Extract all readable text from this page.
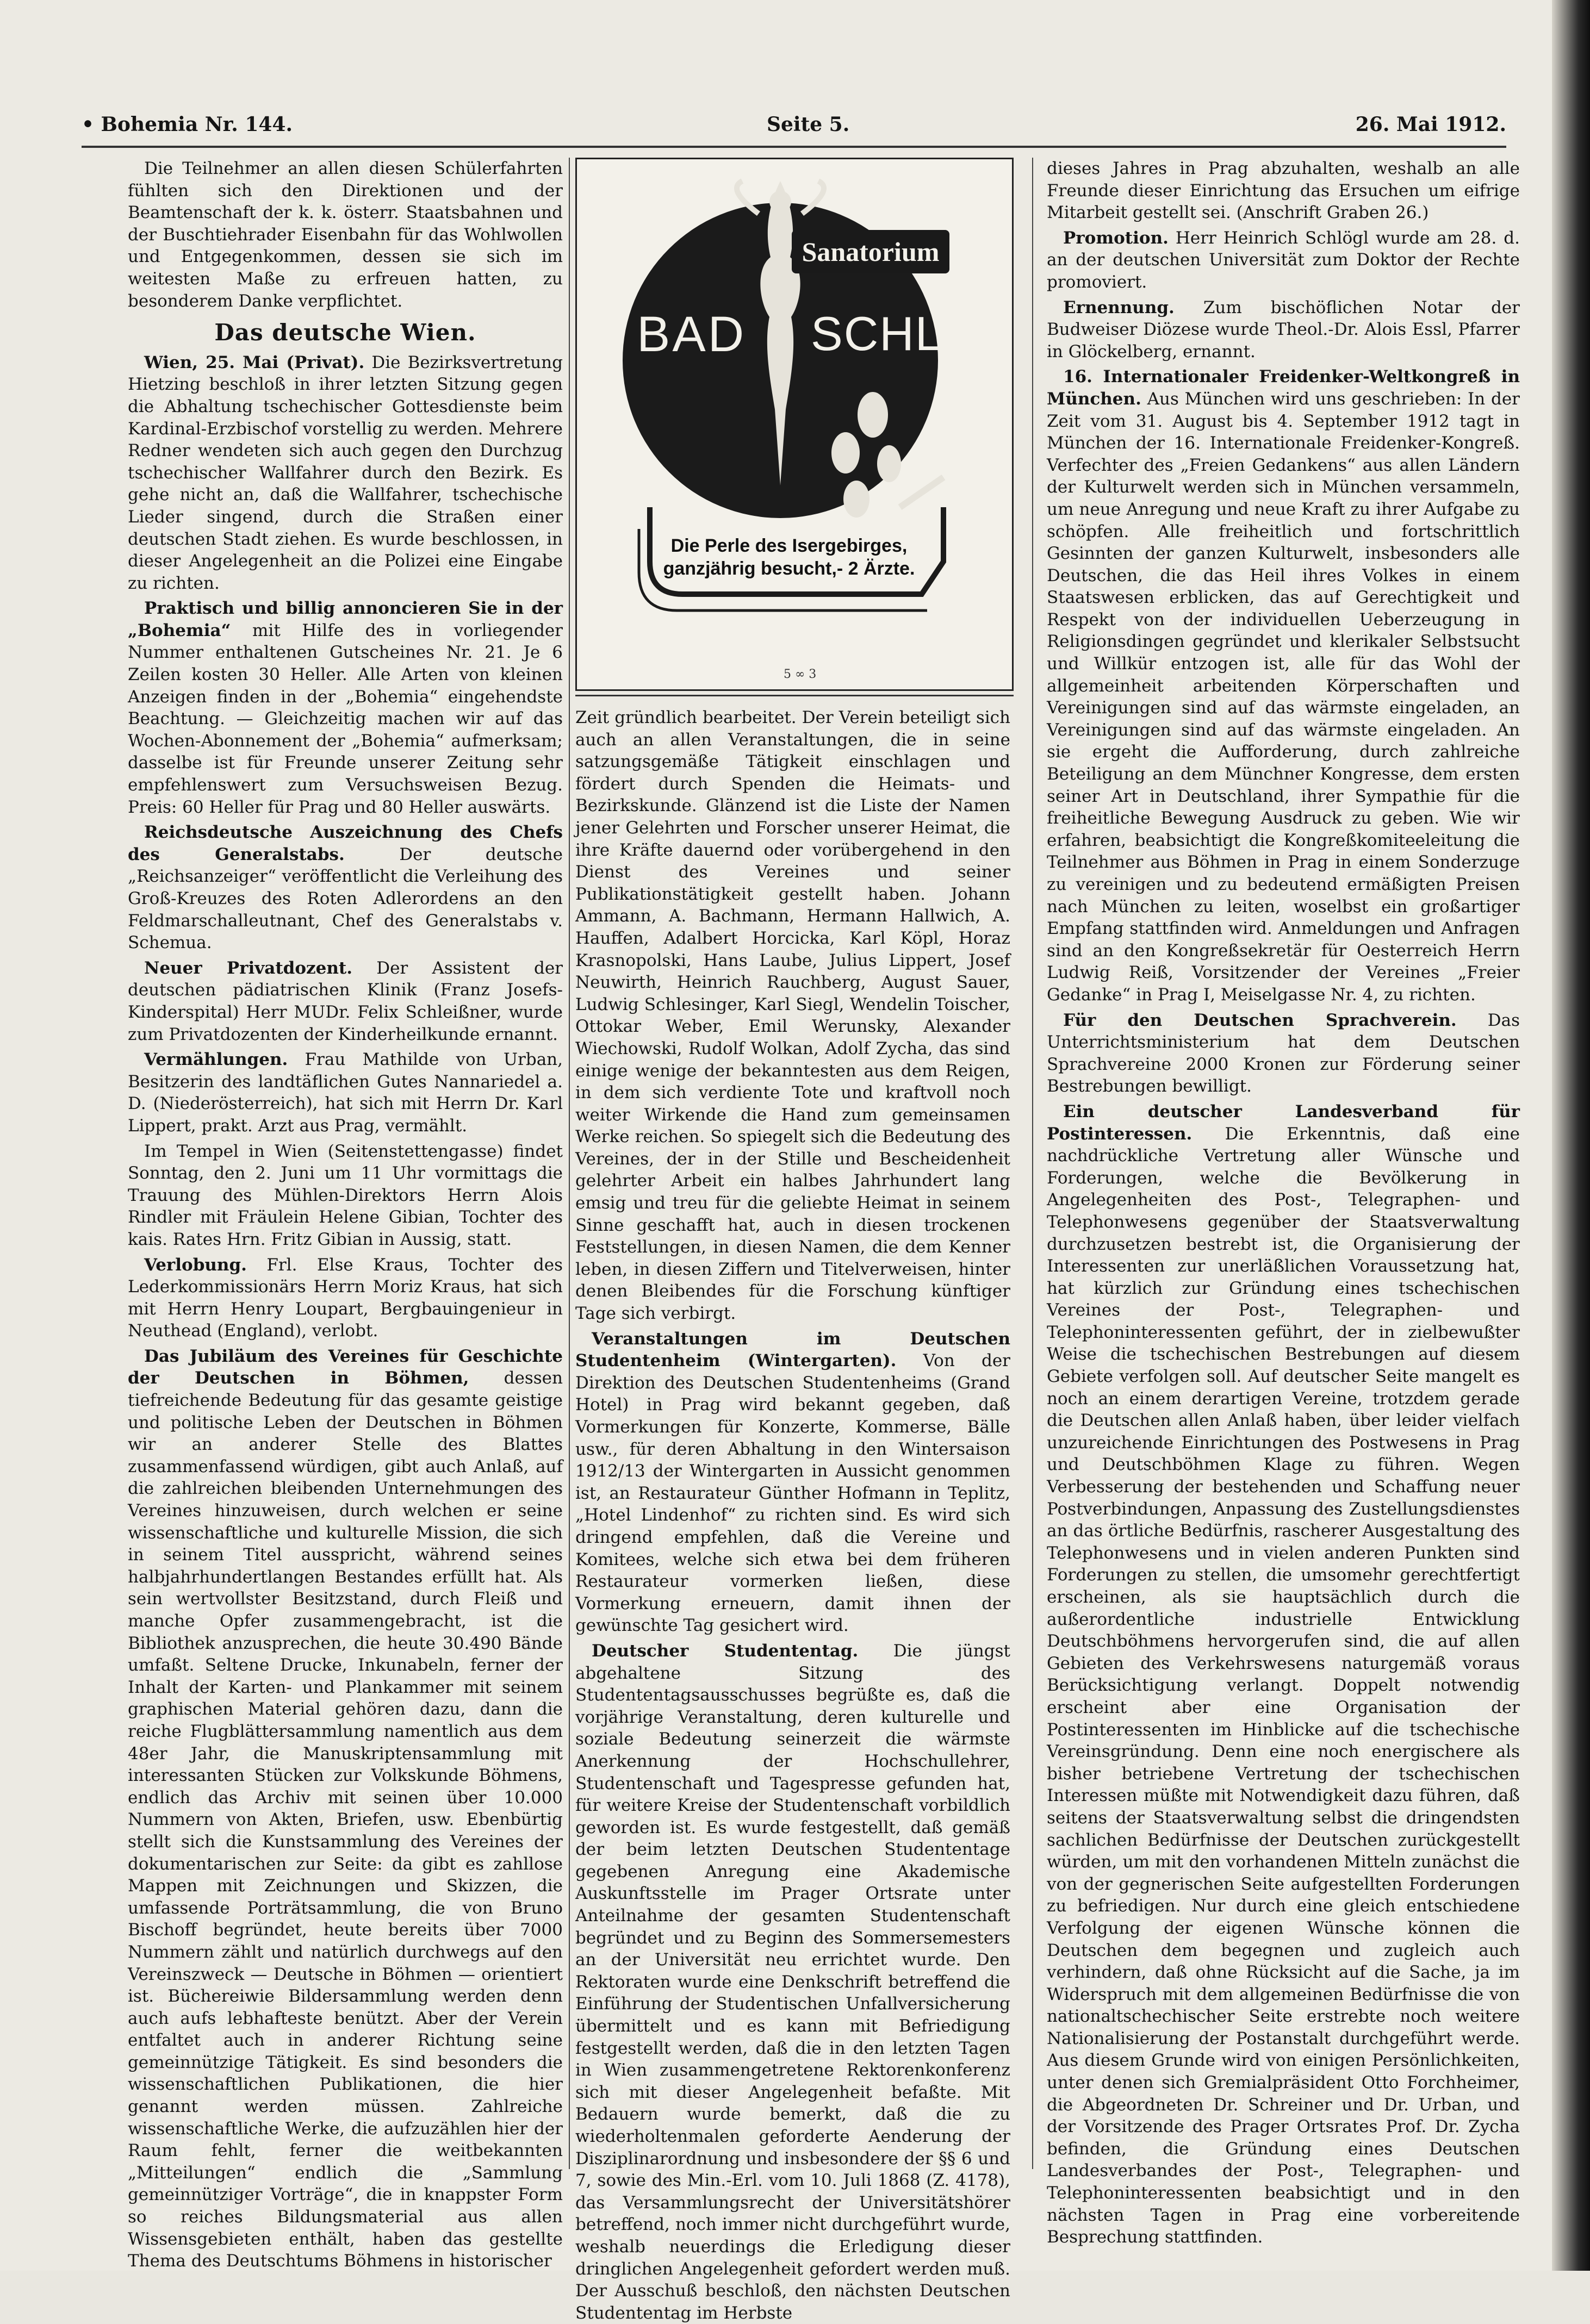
• Bohemia Nr. 144.	Seite 5.	26. Mai 1912.

Die Teilnehmer an allen diesen Schülerfahrten fühlten sich den Direktionen und der Beamtenschaft der k. k. österr. Staatsbahnen und der Buschtiehrader Eisenbahn für das Wohlwollen und Entgegenkommen, dessen sie sich im weitesten Maße zu erfreuen hatten, zu besonderem Danke verpflichtet.

Das deutsche Wien.

Wien, 25. Mai (Privat). Die Bezirksvertretung Hietzing beschloß in ihrer letzten Sitzung gegen die Abhaltung tschechischer Gottesdienste beim Kardinal-Erzbischof vorstellig zu werden. Mehrere Redner wendeten sich auch gegen den Durchzug tschechischer Wallfahrer durch den Bezirk. Es gehe nicht an, daß die Wallfahrer, tschechische Lieder singend, durch die Straßen einer deutschen Stadt ziehen. Es wurde beschlossen, in dieser Angelegenheit an die Polizei eine Eingabe zu richten.

Praktisch und billig annoncieren Sie in der „Bohemia“ mit Hilfe des in vorliegender Nummer enthaltenen Gutscheines Nr. 21. Je 6 Zeilen kosten 30 Heller. Alle Arten von kleinen Anzeigen finden in der „Bohemia“ eingehendste Beachtung. — Gleichzeitig machen wir auf das Wochen-Abonnement der „Bohemia“ aufmerksam; dasselbe ist für Freunde unserer Zeitung sehr empfehlenswert zum Versuchsweisen Bezug. Preis: 60 Heller für Prag und 80 Heller auswärts.

Reichsdeutsche Auszeichnung des Chefs des Generalstabs.	Der deutsche „Reichsanzeiger“ veröffentlicht die Verleihung des Groß-Kreuzes des Roten Adlerordens an den Feldmarschalleutnant, Chef des Generalstabs v. Schemua.

Neuer Privatdozent. Der Assistent der deutschen pädiatrischen Klinik (Franz Josefs-Kinderspital) Herr MUDr. Felix Schleißner, wurde zum Privatdozenten der Kinderheilkunde ernannt.

Vermählungen. Frau Mathilde von Urban, Besitzerin des landtäflichen Gutes Nannariedel a. D. (Niederösterreich), hat sich mit Herrn Dr. Karl Lippert, prakt. Arzt aus Prag, vermählt.

Im Tempel in Wien (Seitenstettengasse) findet Sonntag, den 2. Juni um 11 Uhr vormittags die Trauung des Mühlen-Direktors Herrn Alois Rindler mit Fräulein Helene Gibian, Tochter des kais. Rates Hrn. Fritz Gibian in Aussig, statt.

Verlobung. Frl. Else Kraus, Tochter des Lederkommissionärs Herrn Moriz Kraus, hat sich mit Herrn Henry Loupart, Bergbauingenieur in Neuthead (England), verlobt.

Das Jubiläum des Vereines für Geschichte der Deutschen in Böhmen, dessen tiefreichende Bedeutung für das gesamte geistige und politische Leben der Deutschen in Böhmen wir an anderer Stelle des Blattes zusammenfassend würdigen, gibt auch Anlaß, auf die zahlreichen bleibenden Unternehmungen des Vereines hinzuweisen, durch welchen er seine wissenschaftliche und kulturelle Mission, die sich in seinem Titel ausspricht, während seines halbjahrhundertlangen Bestandes erfüllt hat. Als sein wertvollster Besitzstand, durch Fleiß und manche Opfer zusammengebracht, ist die Bibliothek anzusprechen, die heute 30.490 Bände umfaßt. Seltene Drucke, Inkunabeln, ferner der Inhalt der Karten- und Plankammer mit seinem graphischen Material gehören dazu, dann die reiche Flugblättersammlung namentlich aus dem 48er Jahr, die Manuskriptensammlung mit interessanten Stücken zur Volkskunde Böhmens, endlich das Archiv mit seinen über 10.000 Nummern von Akten, Briefen, usw. Ebenbürtig stellt sich die Kunstsammlung des Vereines der dokumentarischen zur Seite: da gibt es zahllose Mappen mit Zeichnungen und Skizzen, die umfassende Porträtsammlung, die von Bruno Bischoff begründet, heute bereits über 7000 Nummern zählt und natürlich durchwegs auf den Vereinszweck — Deutsche in Böhmen — orientiert ist. Büchereiwie Bildersammlung werden denn auch aufs lebhafteste benützt. Aber der Verein entfaltet auch in anderer Richtung seine gemeinnützige Tätigkeit. Es sind besonders die wissenschaftlichen Publikationen, die hier genannt werden müssen. Zahlreiche wissenschaftliche Werke, die aufzuzählen hier der Raum fehlt, ferner die weitbekannten „Mitteilungen“ endlich die „Sammlung gemeinnütziger Vorträge“, die in knappster Form so reiches Bildungsmaterial aus allen Wissensgebieten enthält, haben das gestellte Thema des Deutschtums Böhmens in historischer

Sanatorium
BAD	SCHLAG
Die Perle des Isergebirges,
ganzjährig besucht,- 2 Ärzte.
5 ∞ 3

Zeit gründlich bearbeitet. Der Verein beteiligt sich auch an allen Veranstaltungen, die in seine satzungsgemäße Tätigkeit einschlagen und fördert durch Spenden die Heimats- und Bezirkskunde. Glänzend ist die Liste der Namen jener Gelehrten und Forscher unserer Heimat, die ihre Kräfte dauernd oder vorübergehend in den Dienst des Vereines und seiner Publikationstätigkeit gestellt haben. Johann Ammann, A. Bachmann, Hermann Hallwich, A. Hauffen, Adalbert Horcicka, Karl Köpl, Horaz Krasnopolski, Hans Laube, Julius Lippert, Josef Neuwirth, Heinrich Rauchberg, August Sauer, Ludwig Schlesinger, Karl Siegl, Wendelin Toischer, Ottokar Weber, Emil Werunsky, Alexander Wiechowski, Rudolf Wolkan, Adolf Zycha, das sind einige wenige der bekanntesten aus dem Reigen, in dem sich verdiente Tote und kraftvoll noch weiter Wirkende die Hand zum gemeinsamen Werke reichen. So spiegelt sich die Bedeutung des Vereines, der in der Stille und Bescheidenheit gelehrter Arbeit ein halbes Jahrhundert lang emsig und treu für die geliebte Heimat in seinem Sinne geschafft hat, auch in diesen trockenen Feststellungen, in diesen Namen, die dem Kenner leben, in diesen Ziffern und Titelverweisen, hinter denen Bleibendes für die Forschung künftiger Tage sich verbirgt.

Veranstaltungen im Deutschen Studentenheim (Wintergarten). Von der Direktion des Deutschen Studentenheims (Grand Hotel) in Prag wird bekannt gegeben, daß Vormerkungen für Konzerte, Kommerse, Bälle usw., für deren Abhaltung in den Wintersaison 1912/13 der Wintergarten in Aussicht genommen ist, an Restaurateur Günther Hofmann in Teplitz, „Hotel Lindenhof“ zu richten sind. Es wird sich dringend empfehlen, daß die Vereine und Komitees, welche sich etwa bei dem früheren Restaurateur vormerken ließen, diese Vormerkung erneuern, damit ihnen der gewünschte Tag gesichert wird.

Deutscher Studententag. Die jüngst abgehaltene Sitzung des Studententagsausschusses begrüßte es, daß die vorjährige Veranstaltung, deren kulturelle und soziale Bedeutung seinerzeit die wärmste Anerkennung der Hochschullehrer, Studentenschaft und Tagespresse gefunden hat, für weitere Kreise der Studentenschaft vorbildlich geworden ist. Es wurde festgestellt, daß gemäß der beim letzten Deutschen Studententage gegebenen Anregung eine Akademische Auskunftsstelle im Prager Ortsrate unter Anteilnahme der gesamten Studentenschaft begründet und zu Beginn des Sommersemesters an der Universität neu errichtet wurde. Den Rektoraten wurde eine Denkschrift betreffend die Einführung der Studentischen Unfallversicherung übermittelt und es kann mit Befriedigung festgestellt werden, daß die in den letzten Tagen in Wien zusammengetretene Rektorenkonferenz sich mit dieser Angelegenheit befaßte. Mit Bedauern wurde bemerkt, daß die zu wiederholtenmalen geforderte Aenderung der Disziplinarordnung und insbesondere der §§ 6 und 7, sowie des Min.-Erl. vom 10. Juli 1868 (Z. 4178), das Versammlungsrecht der Universitätshörer betreffend, noch immer nicht durchgeführt wurde, weshalb neuerdings die Erledigung dieser dringlichen Angelegenheit gefordert werden muß. Der Ausschuß beschloß, den nächsten Deutschen Studententag im Herbste

dieses Jahres in Prag abzuhalten, weshalb an alle Freunde dieser Einrichtung das Ersuchen um eifrige Mitarbeit gestellt sei. (Anschrift Graben 26.)

Promotion. Herr Heinrich Schlögl wurde am 28. d. an der deutschen Universität zum Doktor der Rechte promoviert.

Ernennung. Zum bischöflichen Notar der Budweiser Diözese wurde Theol.-Dr. Alois Essl, Pfarrer in Glöckelberg, ernannt.

16. Internationaler Freidenker-Weltkongreß in München. Aus München wird uns geschrieben: In der Zeit vom 31. August bis 4. September 1912 tagt in München der 16. Internationale Freidenker-Kongreß. Verfechter des „Freien Gedankens“ aus allen Ländern der Kulturwelt werden sich in München versammeln, um neue Anregung und neue Kraft zu ihrer Aufgabe zu schöpfen. Alle freiheitlich und fortschrittlich Gesinnten der ganzen Kulturwelt, insbesonders alle Deutschen, die das Heil ihres Volkes in einem Staatswesen erblicken, das auf Gerechtigkeit und Respekt von der individuellen Ueberzeugung in Religionsdingen gegründet und klerikaler Selbstsucht und Willkür entzogen ist, alle für das Wohl der allgemeinheit arbeitenden Körperschaften und Vereinigungen sind auf das wärmste eingeladen, an Vereinigungen sind auf das wärmste eingeladen. An sie ergeht die Aufforderung, durch zahlreiche Beteiligung an dem Münchner Kongresse, dem ersten seiner Art in Deutschland, ihrer Sympathie für die freiheitliche Bewegung Ausdruck zu geben. Wie wir erfahren, beabsichtigt die Kongreßkomiteeleitung die Teilnehmer aus Böhmen in Prag in einem Sonderzuge zu vereinigen und zu bedeutend ermäßigten Preisen nach München zu leiten, woselbst ein großartiger Empfang stattfinden wird. Anmeldungen und Anfragen sind an den Kongreßsekretär für Oesterreich Herrn Ludwig Reiß, Vorsitzender der Vereines „Freier Gedanke“ in Prag I, Meiselgasse Nr. 4, zu richten.

Für den Deutschen Sprachverein. Das Unterrichtsministerium hat dem Deutschen Sprachvereine 2000 Kronen zur Förderung seiner Bestrebungen bewilligt.

Ein deutscher Landesverband für Postinteressen. Die Erkenntnis, daß eine nachdrückliche Vertretung aller Wünsche und Forderungen, welche die Bevölkerung in Angelegenheiten des Post-, Telegraphen- und Telephonwesens gegenüber der Staatsverwaltung durchzusetzen bestrebt ist, die Organisierung der Interessenten zur unerläßlichen Voraussetzung hat, hat kürzlich zur Gründung eines tschechischen Vereines der Post-, Telegraphen- und Telephoninteressenten geführt, der in zielbewußter Weise die tschechischen Bestrebungen auf diesem Gebiete verfolgen soll. Auf deutscher Seite mangelt es noch an einem derartigen Vereine, trotzdem gerade die Deutschen allen Anlaß haben, über leider vielfach unzureichende Einrichtungen des Postwesens in Prag und Deutschböhmen Klage zu führen. Wegen Verbesserung der bestehenden und Schaffung neuer Postverbindungen, Anpassung des Zustellungsdienstes an das örtliche Bedürfnis, rascherer Ausgestaltung des Telephonwesens und in vielen anderen Punkten sind Forderungen zu stellen, die umsomehr gerechtfertigt erscheinen, als sie hauptsächlich durch die außerordentliche industrielle Entwicklung Deutschböhmens hervorgerufen sind, die auf allen Gebieten des Verkehrswesens naturgemäß voraus Berücksichtigung verlangt. Doppelt notwendig erscheint aber eine Organisation der Postinteressenten im Hinblicke auf die tschechische Vereinsgründung. Denn eine noch energischere als bisher betriebene Vertretung der tschechischen Interessen müßte mit Notwendigkeit dazu führen, daß seitens der Staatsverwaltung selbst die dringendsten sachlichen Bedürfnisse der Deutschen zurückgestellt würden, um mit den vorhandenen Mitteln zunächst die von der gegnerischen Seite aufgestellten Forderungen zu befriedigen. Nur durch eine gleich entschiedene Verfolgung der eigenen Wünsche können die Deutschen dem begegnen und zugleich auch verhindern, daß ohne Rücksicht auf die Sache, ja im Widerspruch mit dem allgemeinen Bedürfnisse die von nationaltschechischer Seite erstrebte noch weitere Nationalisierung der Postanstalt durchgeführt werde. Aus diesem Grunde wird von einigen Persönlichkeiten, unter denen sich Gremialpräsident Otto Forchheimer, die Abgeordneten Dr. Schreiner und Dr. Urban, und der Vorsitzende des Prager Ortsrates Prof. Dr. Zycha befinden, die Gründung eines Deutschen Landesverbandes der Post-, Telegraphen- und Telephoninteressenten beabsichtigt und in den nächsten Tagen in Prag eine vorbereitende Besprechung stattfinden.
